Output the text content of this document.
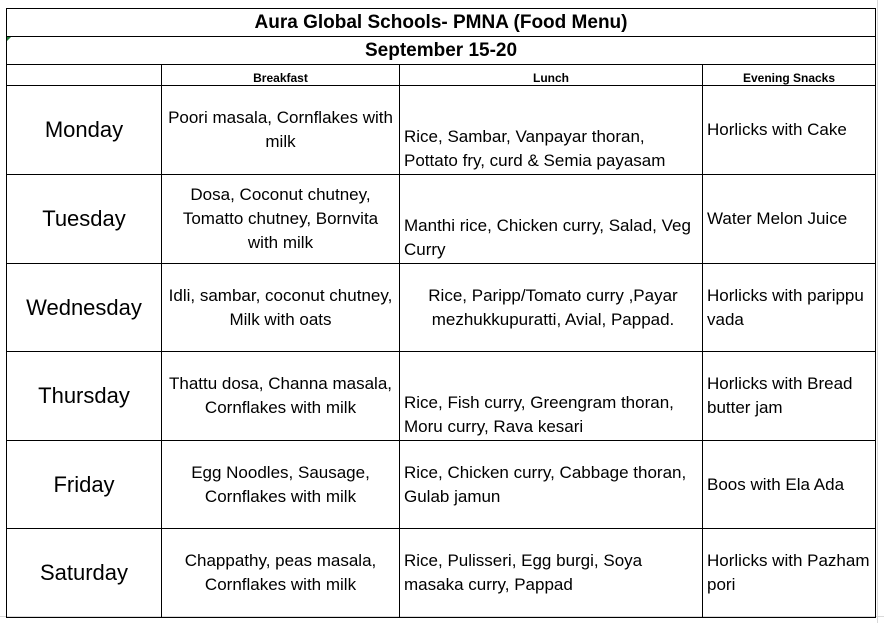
Aura Global Schools- PMNA (Food Menu)			
September 15-20			
	Breakfast	Lunch	Evening Snacks
Monday	Poori masala, Cornflakes with milk	Rice, Sambar, Vanpayar thoran, Pottato fry, curd & Semia payasam	Horlicks with Cake
Tuesday	Dosa, Coconut chutney, Tomatto chutney, Bornvita with milk	Manthi rice, Chicken curry, Salad, Veg Curry	Water Melon Juice
Wednesday	Idli, sambar, coconut chutney, Milk with oats	Rice, Paripp/Tomato curry ,Payar mezhukkupuratti, Avial, Pappad.	Horlicks with parippu vada
Thursday	Thattu dosa, Channa masala, Cornflakes with milk	Rice, Fish curry, Greengram thoran, Moru curry, Rava kesari	Horlicks with Bread butter jam
Friday	Egg Noodles, Sausage, Cornflakes with milk	Rice, Chicken curry, Cabbage thoran, Gulab jamun	Boos with Ela Ada
Saturday	Chappathy, peas masala, Cornflakes with milk	Rice, Pulisseri, Egg burgi, Soya masaka curry, Pappad	Horlicks with Pazham pori
